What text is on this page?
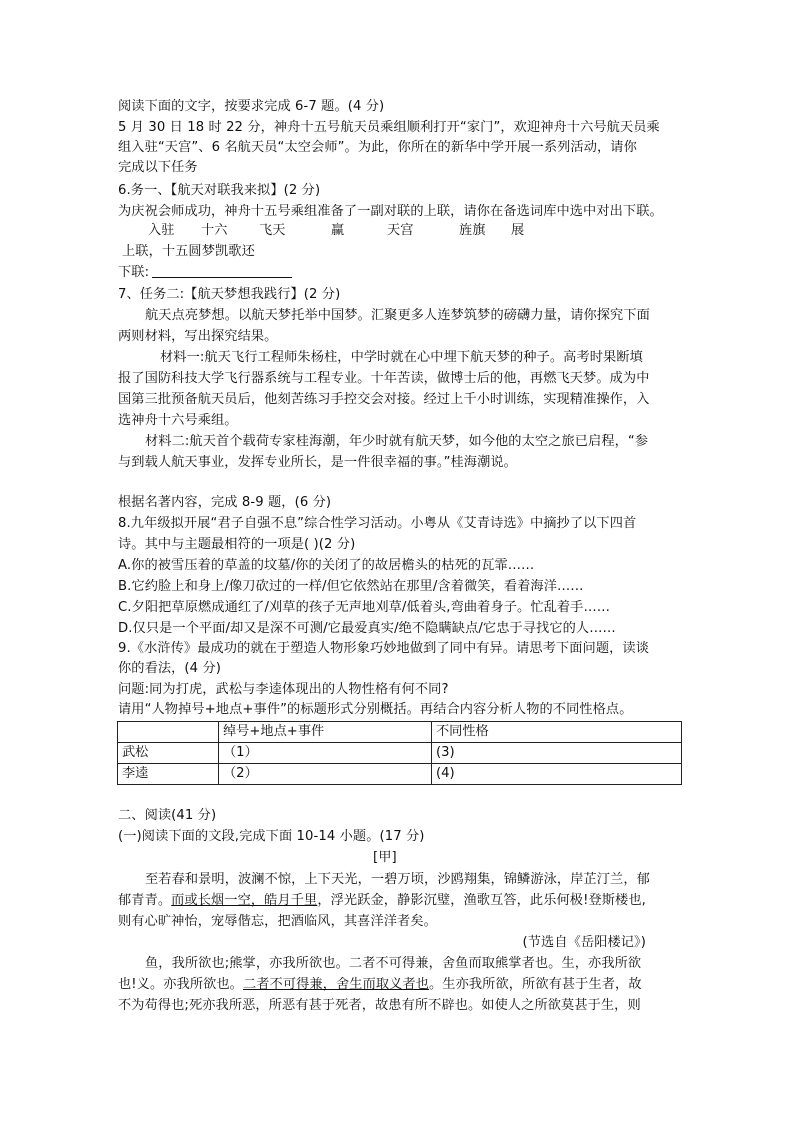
阅读下面的文字，按要求完成 6-7 题。(4 分)

5 月 30 日 18 时 22 分，神舟十五号航天员乘组顺利打开“家门”，欢迎神舟十六号航天员乘

组入驻“天宫”、6 名航天员“太空会师”。为此，你所在的新华中学开展一系列活动，请你

完成以下任务

6.务一、【航天对联我来拟】(2 分)

为庆祝会师成功，神舟十五号乘组准备了一副对联的上联，请你在备选词库中选中对出下联。

入驻 十六 飞天	赢	天宫	旌旗 展

上联，十五圆梦凯歌还

下联:

7、任务二:【航天梦想我践行】(2 分)

航天点亮梦想。以航天梦托举中国梦。汇聚更多人连梦筑梦的磅礴力量，请你探究下面

两则材料，写出探究结果。

材料一:航天飞行工程师朱杨柱，中学时就在心中埋下航天梦的种子。高考时果断填

报了国防科技大学飞行器系统与工程专业。十年苦读，做博士后的他，再燃飞天梦。成为中

国第三批预备航天员后，他刻苦练习手控交会对接。经过上千小时训练，实现精准操作，入

选神舟十六号乘组。

材料二:航天首个载荷专家桂海潮，年少时就有航天梦，如今他的太空之旅已启程，“参

与到载人航天事业，发挥专业所长，是一件很幸福的事。”桂海潮说。

根据名著内容，完成 8-9 题，(6 分)

8.九年级拟开展“君子自强不息”综合性学习活动。小粤从《艾青诗选》中摘抄了以下四首

诗。其中与主题最相符的一项是( )(2 分)

A.你的被雪压着的草盖的坟墓/你的关闭了的故居檐头的枯死的瓦霏……

B.它约脸上和身上/像刀砍过的一样/但它依然站在那里/含着微笑，看着海洋……

C.夕阳把草原燃成通红了/刈草的孩子无声地刈草/低着头,弯曲着身子。忙乱着手……

D.仅只是一个平面/却又是深不可测/它最爱真实/绝不隐瞒缺点/它忠于寻找它的人……

9.《水浒传》最成功的就在于塑造人物形象巧妙地做到了同中有异。请思考下面问题，读谈

你的看法，(4 分)

问题:同为打虎，武松与李逵体现出的人物性格有何不同?

请用“人物掉号+地点+事件”的标题形式分别概括。再结合内容分析人物的不同性格点。

	绰号+地点+事件	不同性格
武松	（1）	(3)
李逵	（2）	(4)

二、阅读(41 分)

(一)阅读下面的文段,完成下面 10-14 小题。(17 分)

[甲]

至若春和景明，波澜不惊，上下天光，一碧万顷，沙鸥翔集，锦鳞游泳，岸芷汀兰，郁

郁青青。而或长烟一空，皓月千里，浮光跃金，静影沉璧，渔歌互答，此乐何极!登斯楼也,

则有心旷神怡，宠辱偕忘，把酒临风，其喜洋洋者矣。

(节选自《岳阳楼记》)

鱼，我所欲也;熊掌，亦我所欲也。二者不可得兼，舍鱼而取熊掌者也。生，亦我所欲

也!义。亦我所欲也。二者不可得兼，舍生而取义者也。生亦我所欲，所欲有甚于生者，故

不为苟得也;死亦我所恶，所恶有甚于死者，故患有所不辟也。如使人之所欲莫甚于生，则
